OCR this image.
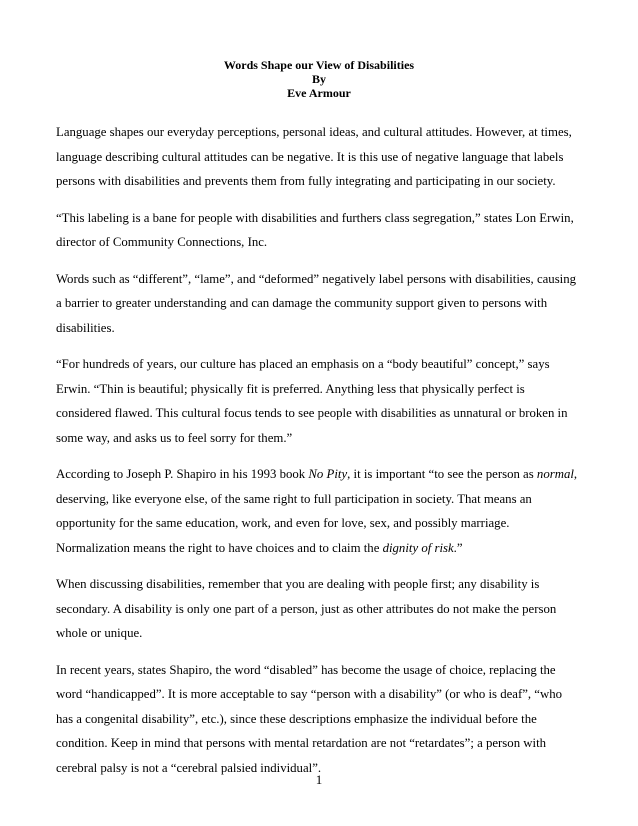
Words Shape our View of Disabilities
By
Eve Armour

Language shapes our everyday perceptions, personal ideas, and cultural attitudes. However, at times, language describing cultural attitudes can be negative. It is this use of negative language that labels persons with disabilities and prevents them from fully integrating and participating in our society.

“This labeling is a bane for people with disabilities and furthers class segregation,” states Lon Erwin, director of Community Connections, Inc.

Words such as “different”, “lame”, and “deformed” negatively label persons with disabilities, causing a barrier to greater understanding and can damage the community support given to persons with disabilities.

“For hundreds of years, our culture has placed an emphasis on a “body beautiful” concept,” says Erwin. “Thin is beautiful; physically fit is preferred. Anything less that physically perfect is considered flawed. This cultural focus tends to see people with disabilities as unnatural or broken in some way, and asks us to feel sorry for them.”

According to Joseph P. Shapiro in his 1993 book No Pity, it is important “to see the person as normal, deserving, like everyone else, of the same right to full participation in society. That means an opportunity for the same education, work, and even for love, sex, and possibly marriage. Normalization means the right to have choices and to claim the dignity of risk.”

When discussing disabilities, remember that you are dealing with people first; any disability is secondary. A disability is only one part of a person, just as other attributes do not make the person whole or unique.

In recent years, states Shapiro, the word “disabled” has become the usage of choice, replacing the word “handicapped”. It is more acceptable to say “person with a disability” (or who is deaf”, “who has a congenital disability”, etc.), since these descriptions emphasize the individual before the condition. Keep in mind that persons with mental retardation are not “retardates”; a person with cerebral palsy is not a “cerebral palsied individual”.

1
